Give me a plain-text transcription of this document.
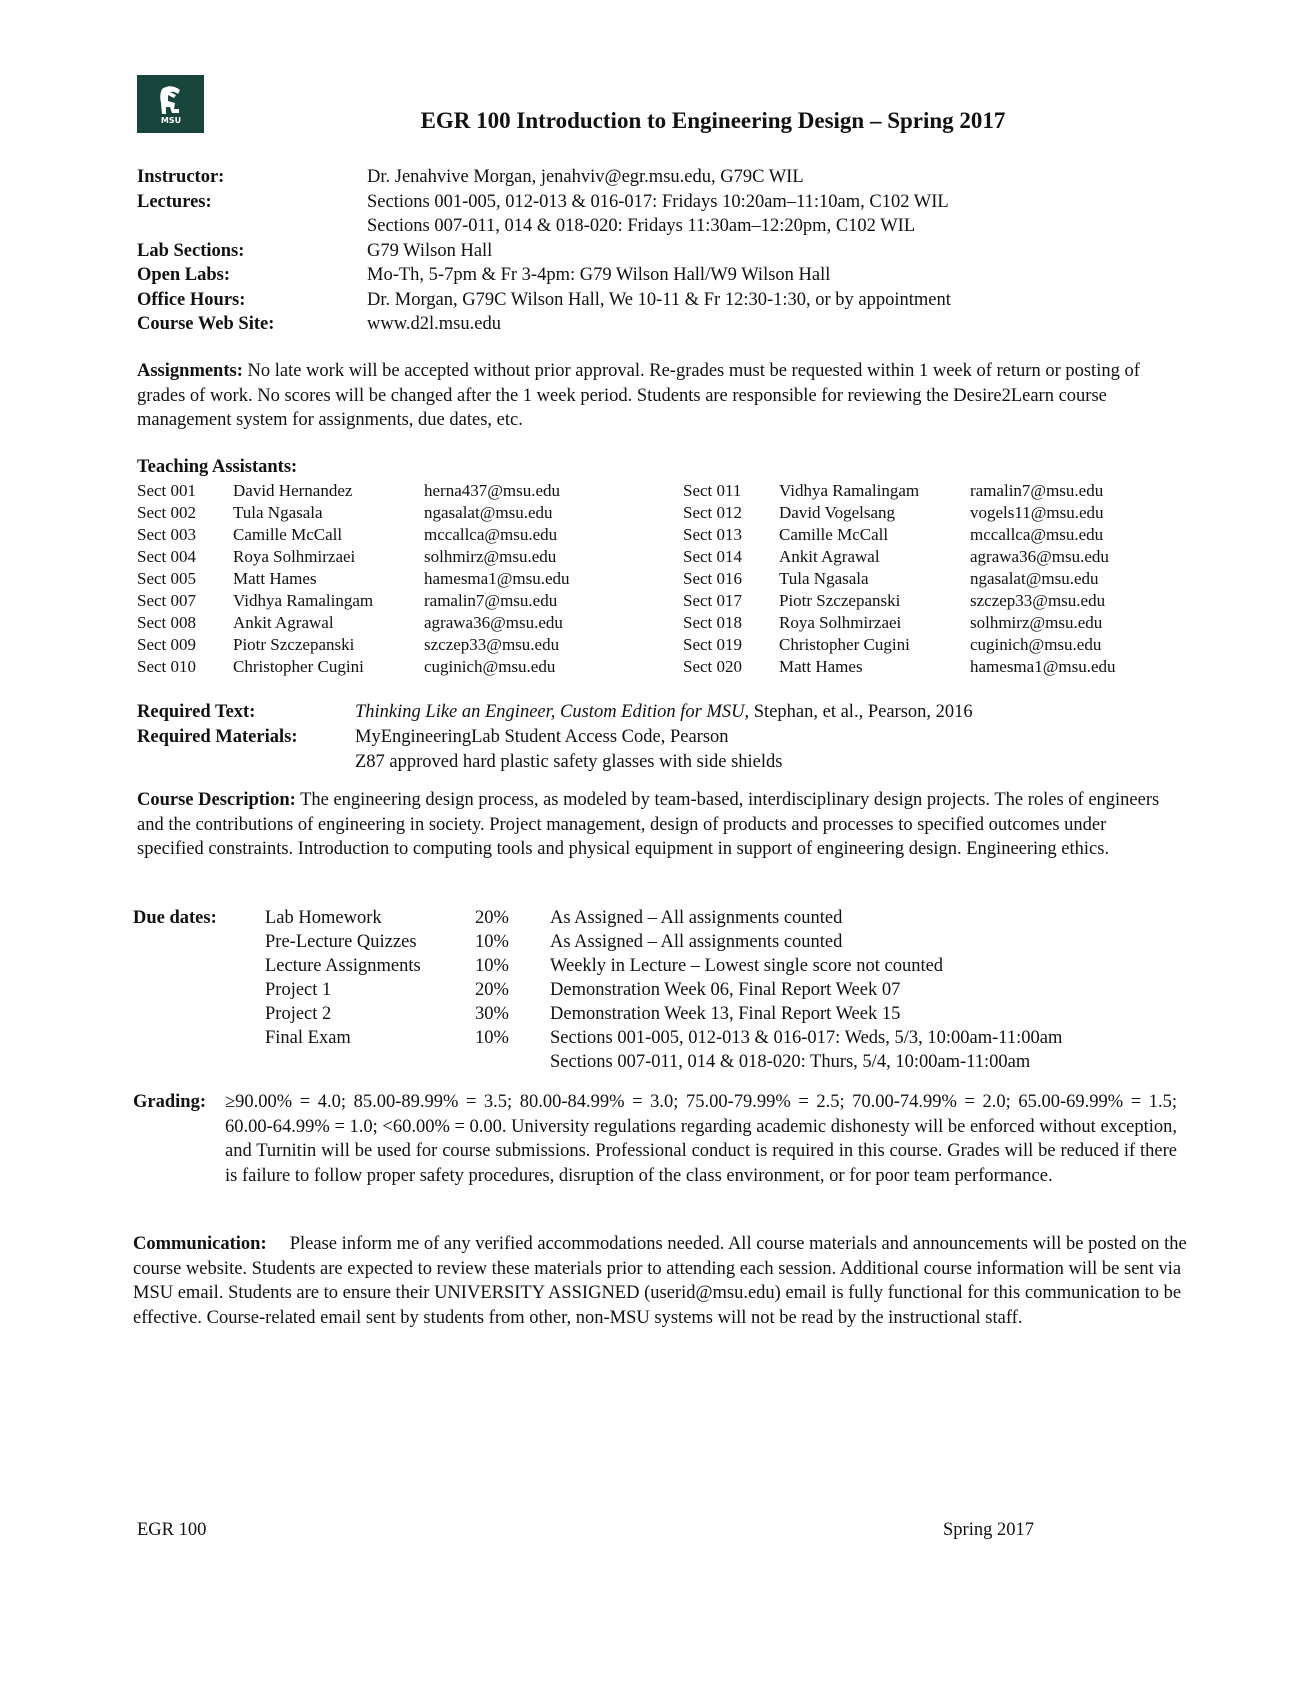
MSU	EGR 100 Introduction to Engineering Design – Spring 2017
Instructor:	Dr. Jenahvive Morgan, jenahviv@egr.msu.edu, G79C WIL
Lectures:	Sections 001-005, 012-013 & 016-017: Fridays 10:20am–11:10am, C102 WIL
Sections 007-011, 014 & 018-020: Fridays 11:30am–12:20pm, C102 WIL
Lab Sections:	G79 Wilson Hall
Open Labs:	Mo-Th, 5-7pm & Fr 3-4pm: G79 Wilson Hall/W9 Wilson Hall
Office Hours:	Dr. Morgan, G79C Wilson Hall, We 10-11 & Fr 12:30-1:30, or by appointment
Course Web Site:	www.d2l.msu.edu
Assignments: No late work will be accepted without prior approval. Re-grades must be requested within 1 week of return or posting of grades of work. No scores will be changed after the 1 week period. Students are responsible for reviewing the Desire2Learn course management system for assignments, due dates, etc.
Teaching Assistants:
Sect 001	David Hernandez	herna437@msu.edu
Sect 002	Tula Ngasala	ngasalat@msu.edu
Sect 003	Camille McCall	mccallca@msu.edu
Sect 004	Roya Solhmirzaei	solhmirz@msu.edu
Sect 005	Matt Hames	hamesma1@msu.edu
Sect 007	Vidhya Ramalingam	ramalin7@msu.edu
Sect 008	Ankit Agrawal	agrawa36@msu.edu
Sect 009	Piotr Szczepanski	szczep33@msu.edu
Sect 010	Christopher Cugini	cuginich@msu.edu
Sect 011	Vidhya Ramalingam	ramalin7@msu.edu
Sect 012	David Vogelsang	vogels11@msu.edu
Sect 013	Camille McCall	mccallca@msu.edu
Sect 014	Ankit Agrawal	agrawa36@msu.edu
Sect 016	Tula Ngasala	ngasalat@msu.edu
Sect 017	Piotr Szczepanski	szczep33@msu.edu
Sect 018	Roya Solhmirzaei	solhmirz@msu.edu
Sect 019	Christopher Cugini	cuginich@msu.edu
Sect 020	Matt Hames	hamesma1@msu.edu
Required Text:	Thinking Like an Engineer, Custom Edition for MSU, Stephan, et al., Pearson, 2016
Required Materials:	MyEngineeringLab Student Access Code, Pearson
Z87 approved hard plastic safety glasses with side shields
Course Description: The engineering design process, as modeled by team-based, interdisciplinary design projects. The roles of engineers and the contributions of engineering in society. Project management, design of products and processes to specified outcomes under specified constraints. Introduction to computing tools and physical equipment in support of engineering design. Engineering ethics.
Due dates:	Lab Homework	20%	As Assigned – All assignments counted
Pre-Lecture Quizzes	10%	As Assigned – All assignments counted
Lecture Assignments	10%	Weekly in Lecture – Lowest single score not counted
Project 1	20%	Demonstration Week 06, Final Report Week 07
Project 2	30%	Demonstration Week 13, Final Report Week 15
Final Exam	10%	Sections 001-005, 012-013 & 016-017: Weds, 5/3, 10:00am-11:00am
Sections 007-011, 014 & 018-020: Thurs, 5/4, 10:00am-11:00am
Grading: ≥90.00% = 4.0; 85.00-89.99% = 3.5; 80.00-84.99% = 3.0; 75.00-79.99% = 2.5; 70.00-74.99% = 2.0; 65.00-69.99% = 1.5; 60.00-64.99% = 1.0; <60.00% = 0.00. University regulations regarding academic dishonesty will be enforced without exception, and Turnitin will be used for course submissions. Professional conduct is required in this course. Grades will be reduced if there is failure to follow proper safety procedures, disruption of the class environment, or for poor team performance.
Communication: Please inform me of any verified accommodations needed. All course materials and announcements will be posted on the course website. Students are expected to review these materials prior to attending each session. Additional course information will be sent via MSU email. Students are to ensure their UNIVERSITY ASSIGNED (userid@msu.edu) email is fully functional for this communication to be effective. Course-related email sent by students from other, non-MSU systems will not be read by the instructional staff.
EGR 100	Spring 2017
